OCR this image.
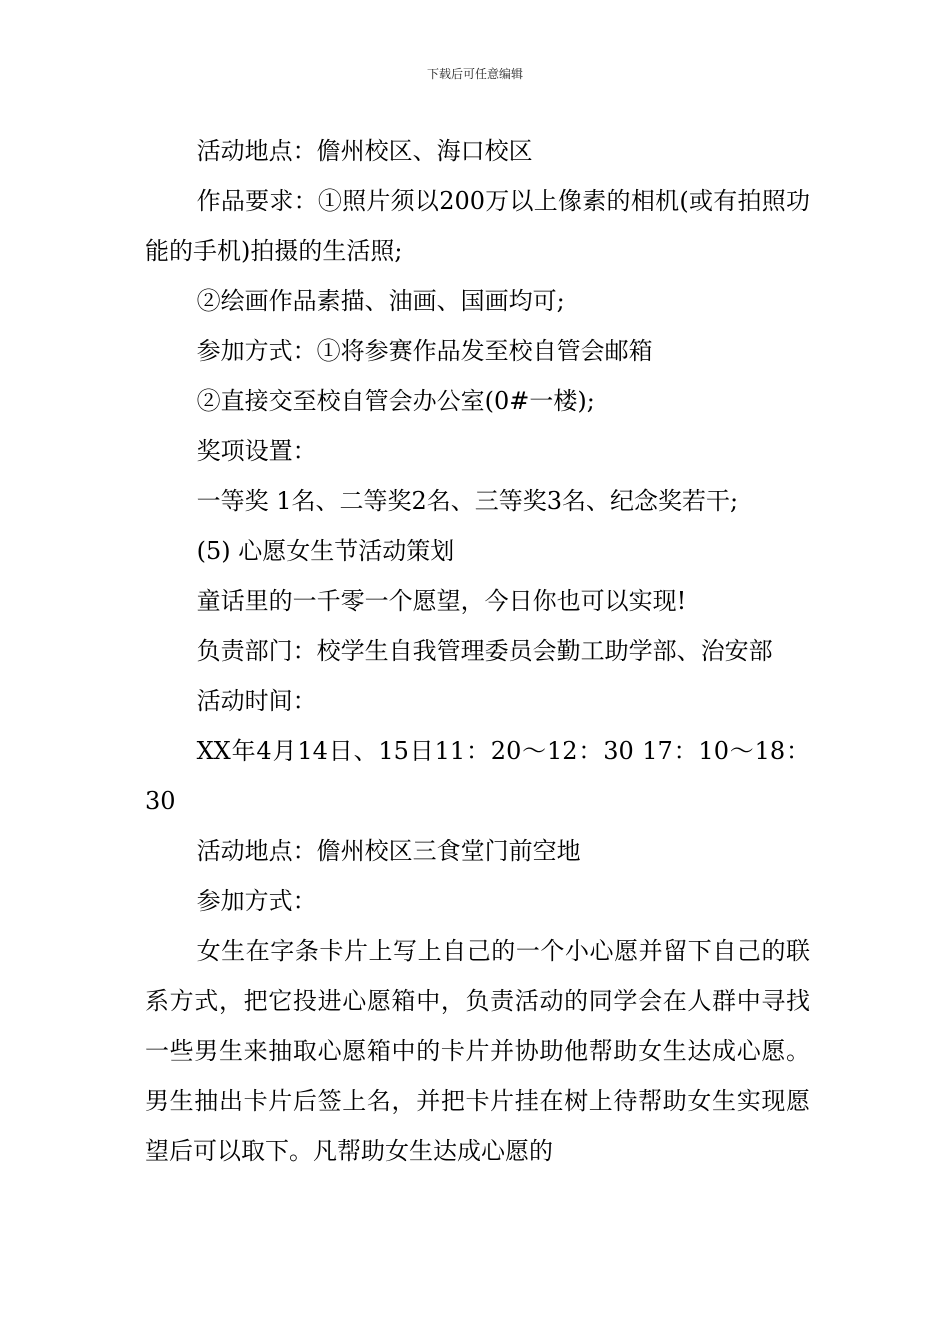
下载后可任意编辑

活动地点：儋州校区、海口校区

作品要求：①照片须以200万以上像素的相机(或有拍照功能的手机)拍摄的生活照;

②绘画作品素描、油画、国画均可;

参加方式：①将参赛作品发至校自管会邮箱

②直接交至校自管会办公室(0#一楼);

奖项设置：

一等奖 1名、二等奖2名、三等奖3名、纪念奖若干;

(5) 心愿女生节活动策划

童话里的一千零一个愿望，今日你也可以实现!

负责部门：校学生自我管理委员会勤工助学部、治安部

活动时间：

XX年4月14日、15日11：20～12：30 17：10～18：30

活动地点：儋州校区三食堂门前空地

参加方式：

女生在字条卡片上写上自己的一个小心愿并留下自己的联系方式，把它投进心愿箱中，负责活动的同学会在人群中寻找一些男生来抽取心愿箱中的卡片并协助他帮助女生达成心愿。男生抽出卡片后签上名，并把卡片挂在树上待帮助女生实现愿望后可以取下。凡帮助女生达成心愿的
